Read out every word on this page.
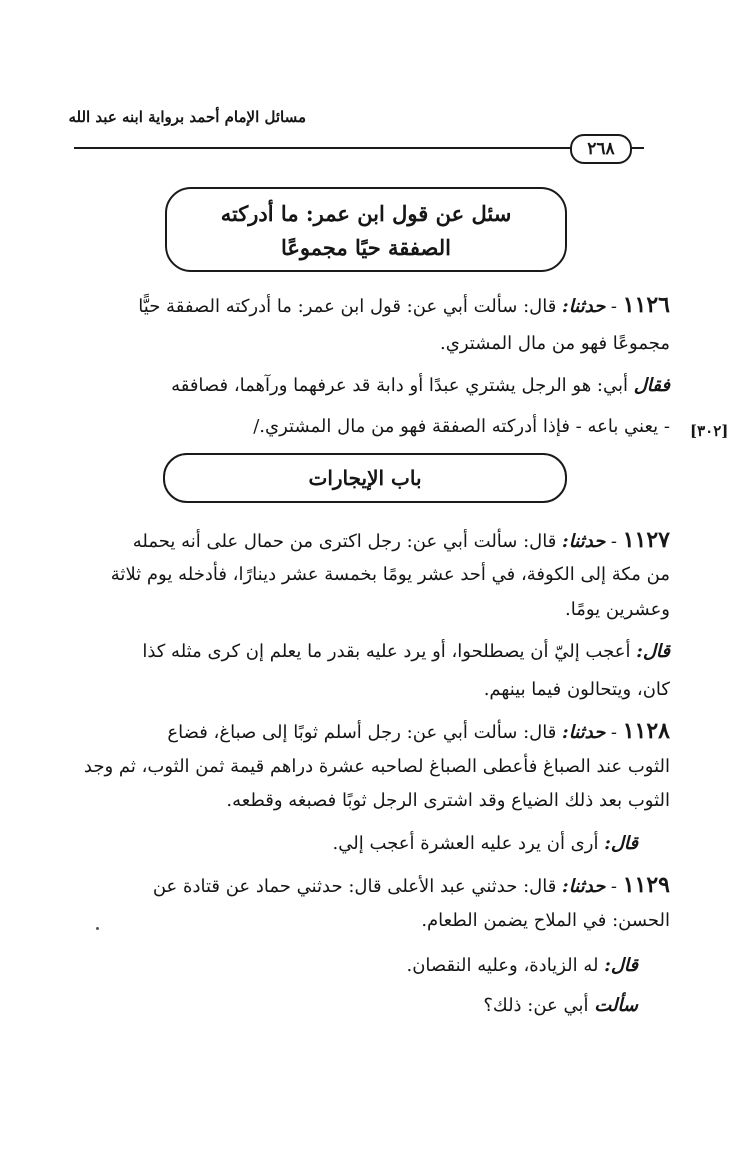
مسائل الإمام أحمد برواية ابنه عبد الله
٢٦٨
سئل عن قول ابن عمر: ما أدركته
الصفقة حيًا مجموعًا
١١٢٦ - حدثنا: قال: سألت أبي عن: قول ابن عمر: ما أدركته الصفقة حيًّا
مجموعًا فهو من مال المشتري.
فقال أبي: هو الرجل يشتري عبدًا أو دابة قد عرفهما ورآهما، فصافقه
- يعني باعه - فإذا أدركته الصفقة فهو من مال المشتري./ [٣٠٢]
باب الإيجارات
١١٢٧ - حدثنا: قال: سألت أبي عن: رجل اكترى من حمال على أنه يحمله
من مكة إلى الكوفة، في أحد عشر يومًا بخمسة عشر دينارًا، فأدخله يوم ثلاثة
وعشرين يومًا.
قال: أعجب إليّ أن يصطلحوا، أو يرد عليه بقدر ما يعلم إن كرى مثله كذا
كان، ويتحالون فيما بينهم.
١١٢٨ - حدثنا: قال: سألت أبي عن: رجل أسلم ثوبًا إلى صباغ، فضاع
الثوب عند الصباغ فأعطى الصباغ لصاحبه عشرة دراهم قيمة ثمن الثوب، ثم وجد
الثوب بعد ذلك الضياع وقد اشترى الرجل ثوبًا فصبغه وقطعه.
قال: أرى أن يرد عليه العشرة أعجب إلي.
١١٢٩ - حدثنا: قال: حدثني عبد الأعلى قال: حدثني حماد عن قتادة عن
الحسن: في الملاح يضمن الطعام.
قال: له الزيادة، وعليه النقصان.
سألت أبي عن: ذلك؟
